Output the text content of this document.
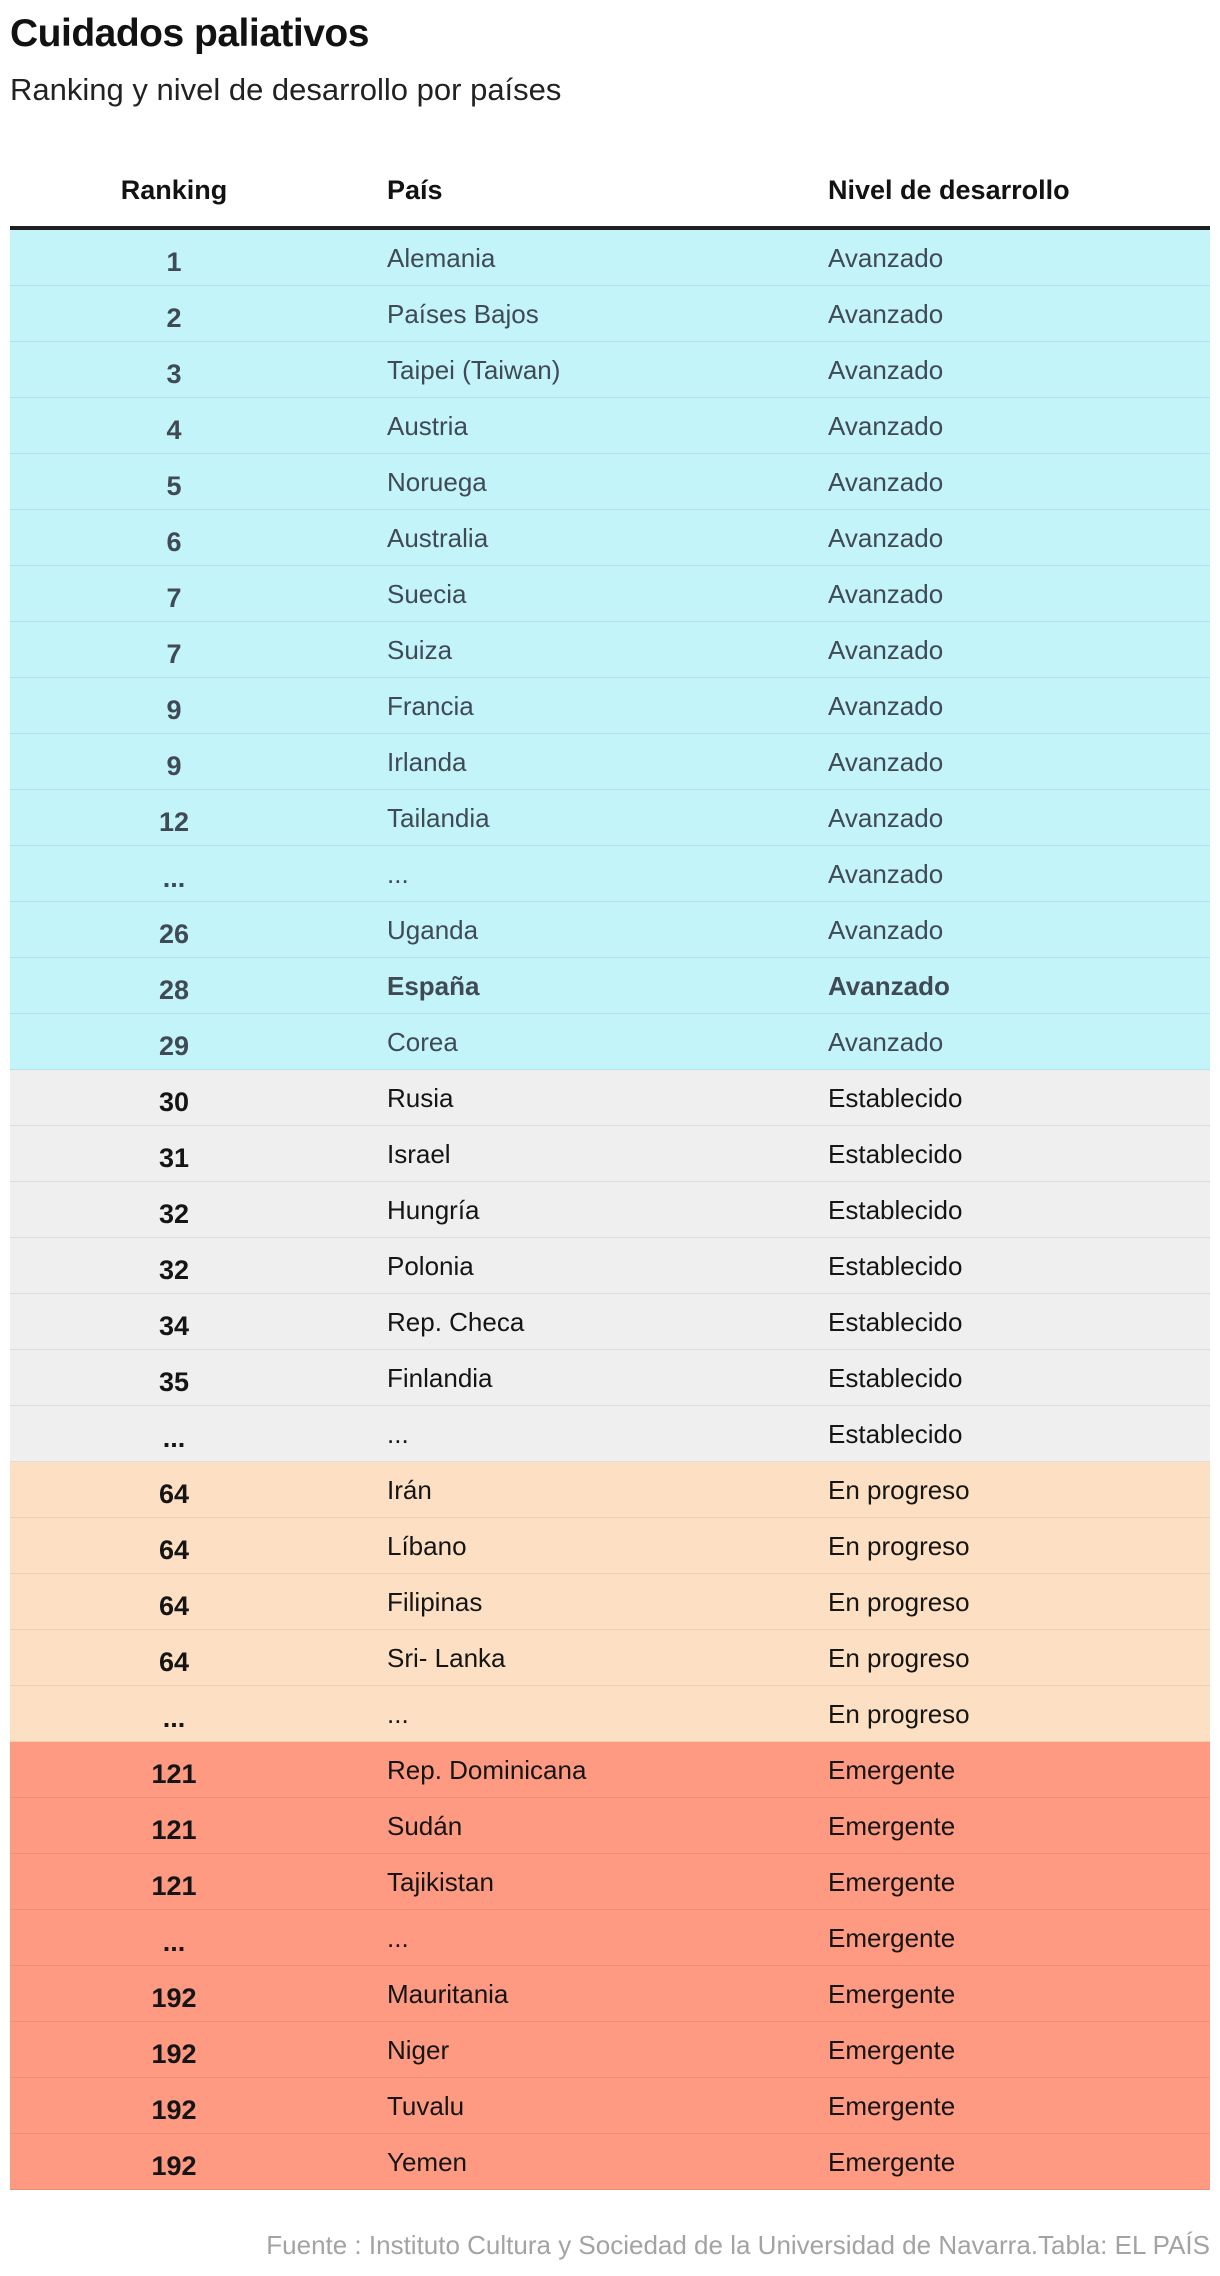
Cuidados paliativos

Ranking y nivel de desarrollo por países

Ranking	País	Nivel de desarrollo
1	Alemania	Avanzado
2	Países Bajos	Avanzado
3	Taipei (Taiwan)	Avanzado
4	Austria	Avanzado
5	Noruega	Avanzado
6	Australia	Avanzado
7	Suecia	Avanzado
7	Suiza	Avanzado
9	Francia	Avanzado
9	Irlanda	Avanzado
12	Tailandia	Avanzado
...	...	Avanzado
26	Uganda	Avanzado
28	España	Avanzado
29	Corea	Avanzado
30	Rusia	Establecido
31	Israel	Establecido
32	Hungría	Establecido
32	Polonia	Establecido
34	Rep. Checa	Establecido
35	Finlandia	Establecido
...	...	Establecido
64	Irán	En progreso
64	Líbano	En progreso
64	Filipinas	En progreso
64	Sri- Lanka	En progreso
...	...	En progreso
121	Rep. Dominicana	Emergente
121	Sudán	Emergente
121	Tajikistan	Emergente
...	...	Emergente
192	Mauritania	Emergente
192	Niger	Emergente
192	Tuvalu	Emergente
192	Yemen	Emergente
Fuente : Instituto Cultura y Sociedad de la Universidad de Navarra.Tabla: EL PAÍS
